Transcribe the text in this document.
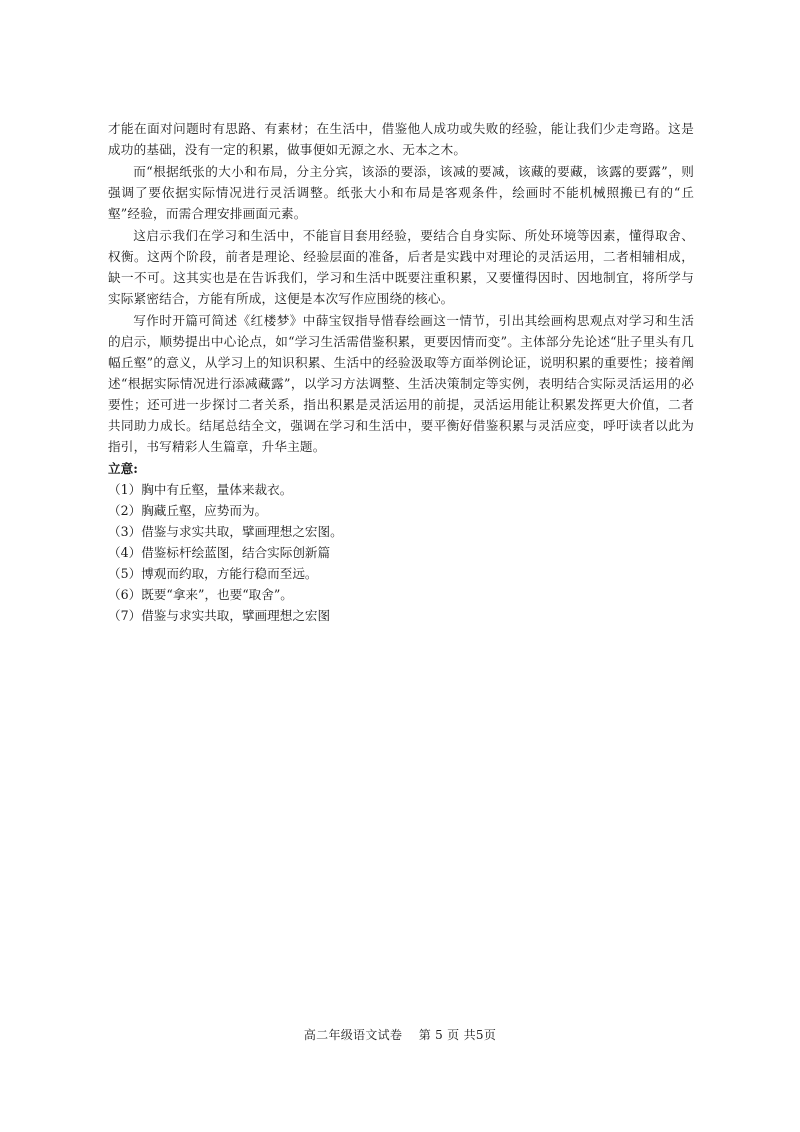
才能在面对问题时有思路、有素材；在生活中，借鉴他人成功或失败的经验，能让我们少走弯路。这是成功的基础，没有一定的积累，做事便如无源之水、无本之木。

而“根据纸张的大小和布局，分主分宾，该添的要添，该减的要减，该藏的要藏，该露的要露”，则强调了要依据实际情况进行灵活调整。纸张大小和布局是客观条件，绘画时不能机械照搬已有的“丘壑”经验，而需合理安排画面元素。

这启示我们在学习和生活中，不能盲目套用经验，要结合自身实际、所处环境等因素，懂得取舍、权衡。这两个阶段，前者是理论、经验层面的准备，后者是实践中对理论的灵活运用，二者相辅相成，缺一不可。这其实也是在告诉我们，学习和生活中既要注重积累，又要懂得因时、因地制宜，将所学与实际紧密结合，方能有所成，这便是本次写作应围绕的核心。

写作时开篇可简述《红楼梦》中薛宝钗指导惜春绘画这一情节，引出其绘画构思观点对学习和生活的启示，顺势提出中心论点，如“学习生活需借鉴积累，更要因情而变”。主体部分先论述“肚子里头有几幅丘壑”的意义，从学习上的知识积累、生活中的经验汲取等方面举例论证，说明积累的重要性；接着阐述“根据实际情况进行添减藏露”，以学习方法调整、生活决策制定等实例，表明结合实际灵活运用的必要性；还可进一步探讨二者关系，指出积累是灵活运用的前提，灵活运用能让积累发挥更大价值，二者共同助力成长。结尾总结全文，强调在学习和生活中，要平衡好借鉴积累与灵活应变，呼吁读者以此为指引，书写精彩人生篇章，升华主题。

立意:

（1）胸中有丘壑，量体来裁衣。
（2）胸藏丘壑，应势而为。
（3）借鉴与求实共取，擘画理想之宏图。
（4）借鉴标杆绘蓝图，结合实际创新篇
（5）博观而约取，方能行稳而至远。
（6）既要“拿来”，也要“取舍”。
（7）借鉴与求实共取，擘画理想之宏图
高二年级语文试卷 第 5 页 共5页
